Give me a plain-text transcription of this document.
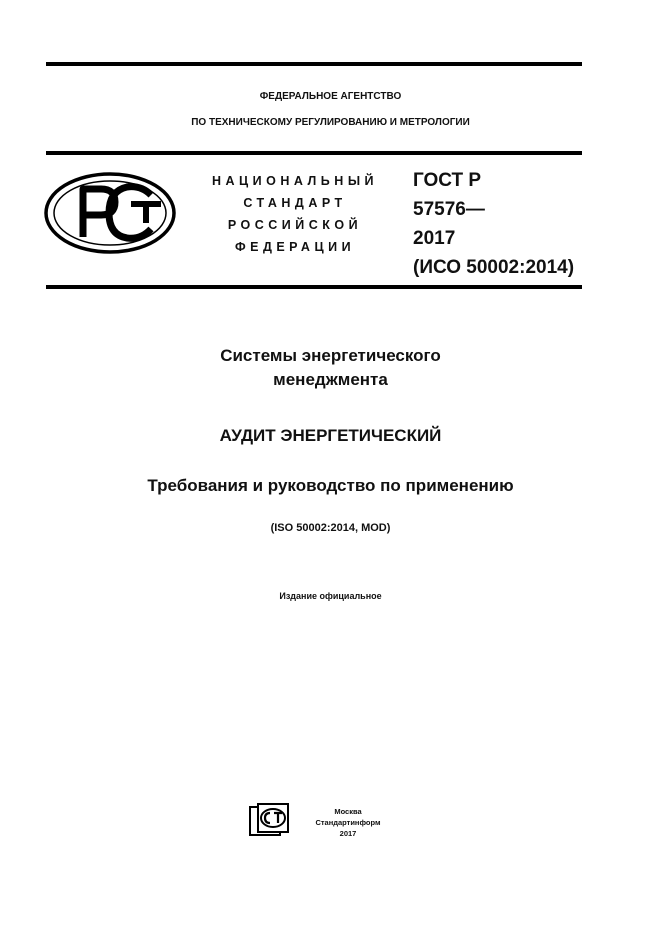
ФЕДЕРАЛЬНОЕ АГЕНТСТВО
ПО ТЕХНИЧЕСКОМУ РЕГУЛИРОВАНИЮ И МЕТРОЛОГИИ
НАЦИОНАЛЬНЫЙ
СТАНДАРТ
РОССИЙСКОЙ
ФЕДЕРАЦИИ
ГОСТ Р
57576—
2017
(ИСО 50002:2014)
Системы энергетического
менеджмента
АУДИТ ЭНЕРГЕТИЧЕСКИЙ
Требования и руководство по применению
(ISO 50002:2014, MOD)
Издание официальное
Москва
Стандартинформ
2017
